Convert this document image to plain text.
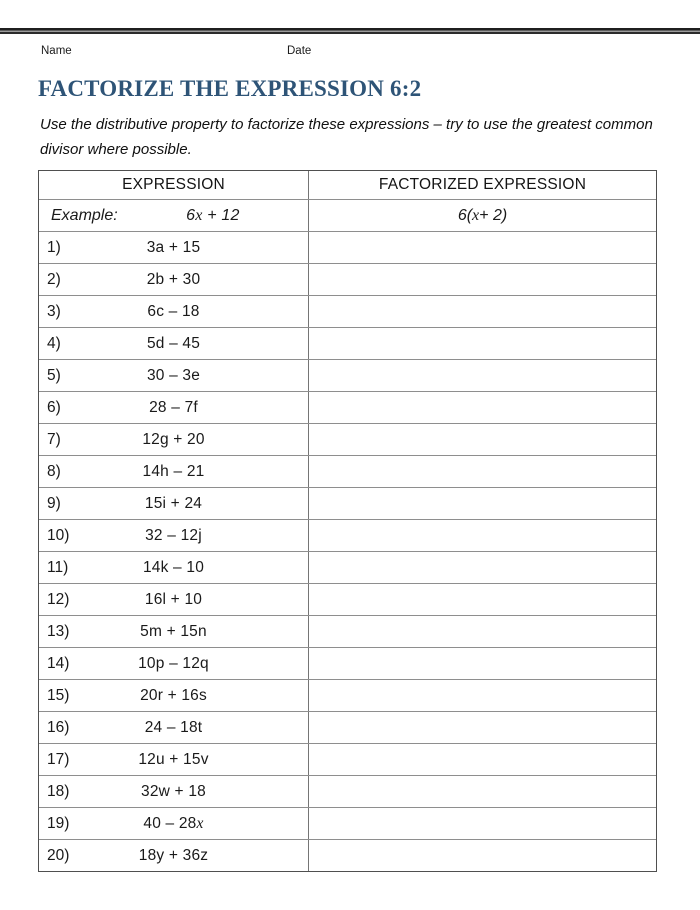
Name	Date
FACTORIZE THE EXPRESSION 6:2
Use the distributive property to factorize these expressions – try to use the greatest common
divisor where possible.
EXPRESSION	FACTORIZED EXPRESSION
Example:	6x + 12	6( x + 2)
1)	3a + 15
2)	2b + 30
3)	6c – 18
4)	5d – 45
5)	30 – 3e
6)	28 – 7f
7)	12g + 20
8)	14h – 21
9)	15i + 24
10)	32 – 12j
11)	14k – 10
12)	16l + 10
13)	5m + 15n
14)	10p – 12q
15)	20r + 16s
16)	24 – 18t
17)	12u + 15v
18)	32w + 18
19)	40 – 28x
20)	18y + 36z
